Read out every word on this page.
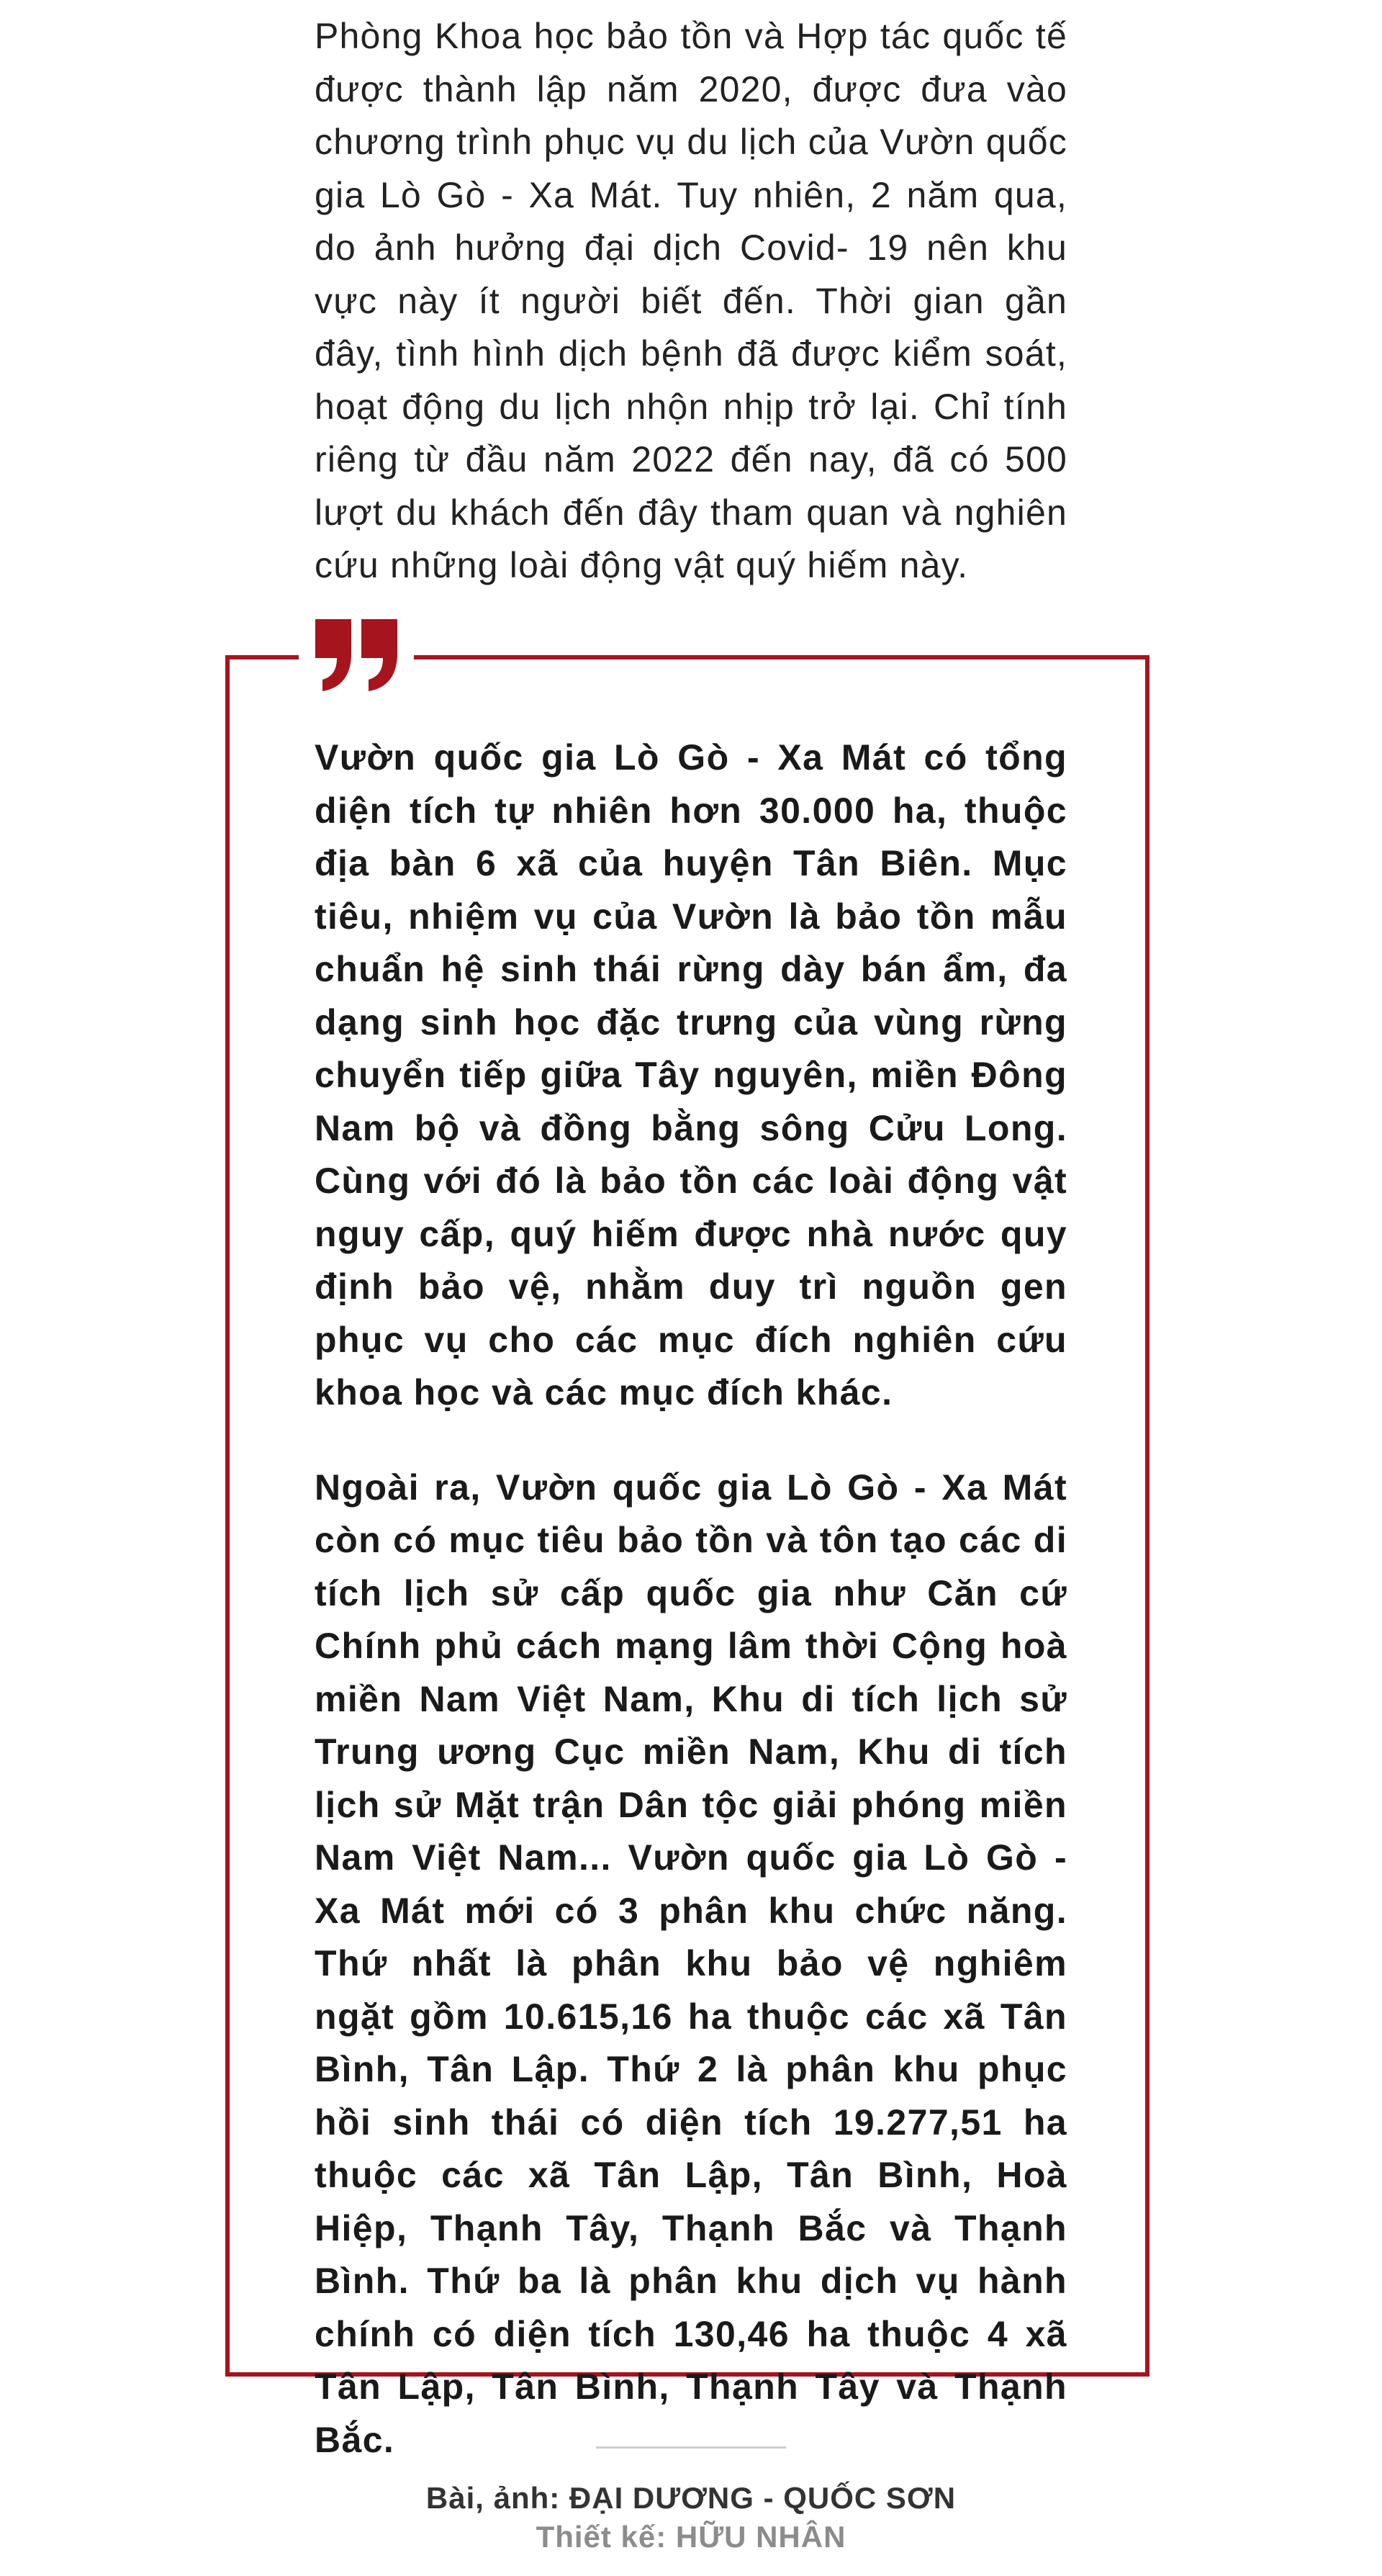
Phòng Khoa học bảo tồn và Hợp tác quốc tế được thành lập năm 2020, được đưa vào chương trình phục vụ du lịch của Vườn quốc gia Lò Gò - Xa Mát. Tuy nhiên, 2 năm qua, do ảnh hưởng đại dịch Covid- 19 nên khu vực này ít người biết đến. Thời gian gần đây, tình hình dịch bệnh đã được kiểm soát, hoạt động du lịch nhộn nhịp trở lại. Chỉ tính riêng từ đầu năm 2022 đến nay, đã có 500 lượt du khách đến đây tham quan và nghiên cứu những loài động vật quý hiếm này.

Vườn quốc gia Lò Gò - Xa Mát có tổng diện tích tự nhiên hơn 30.000 ha, thuộc địa bàn 6 xã của huyện Tân Biên. Mục tiêu, nhiệm vụ của Vườn là bảo tồn mẫu chuẩn hệ sinh thái rừng dày bán ẩm, đa dạng sinh học đặc trưng của vùng rừng chuyển tiếp giữa Tây nguyên, miền Đông Nam bộ và đồng bằng sông Cửu Long. Cùng với đó là bảo tồn các loài động vật nguy cấp, quý hiếm được nhà nước quy định bảo vệ, nhằm duy trì nguồn gen phục vụ cho các mục đích nghiên cứu khoa học và các mục đích khác.

Ngoài ra, Vườn quốc gia Lò Gò - Xa Mát còn có mục tiêu bảo tồn và tôn tạo các di tích lịch sử cấp quốc gia như Căn cứ Chính phủ cách mạng lâm thời Cộng hoà miền Nam Việt Nam, Khu di tích lịch sử Trung ương Cục miền Nam, Khu di tích lịch sử Mặt trận Dân tộc giải phóng miền Nam Việt Nam... Vườn quốc gia Lò Gò - Xa Mát mới có 3 phân khu chức năng. Thứ nhất là phân khu bảo vệ nghiêm ngặt gồm 10.615,16 ha thuộc các xã Tân Bình, Tân Lập. Thứ 2 là phân khu phục hồi sinh thái có diện tích 19.277,51 ha thuộc các xã Tân Lập, Tân Bình, Hoà Hiệp, Thạnh Tây, Thạnh Bắc và Thạnh Bình. Thứ ba là phân khu dịch vụ hành chính có diện tích 130,46 ha thuộc 4 xã Tân Lập, Tân Bình, Thạnh Tây và Thạnh Bắc.

Bài, ảnh: ĐẠI DƯƠNG - QUỐC SƠN

Thiết kế: HỮU NHÂN
